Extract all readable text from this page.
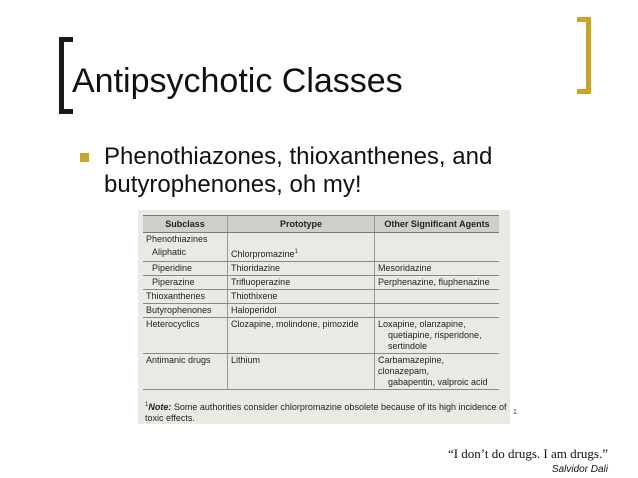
Antipsychotic Classes
Phenothiazones, thioxanthenes, and butyrophenones, oh my!
Subclass	Prototype	Other Significant Agents
Phenothiazines		
Aliphatic	Chlorpromazine$^1$	
Piperidine	Thioridazine	Mesoridazine
Piperazine	Trifluoperazine	Perphenazine, fluphenazine
Thioxanthenes	Thiothixene	
Butyrophenones	Haloperidol	
Heterocyclics	Clozapine, molindone, pimozide	Loxapine, olanzapine,
quetiapine, risperidone,
sertindole

Antimanic drugs	Lithium	Carbamazepine, clonazepam,
gabapentin, valproic acid
$^1$Note: Some authorities consider chlorpromazine obsolete because of its high incidence of toxic effects.
1
“I don’t do drugs. I am drugs.”
Salvidor Dali
